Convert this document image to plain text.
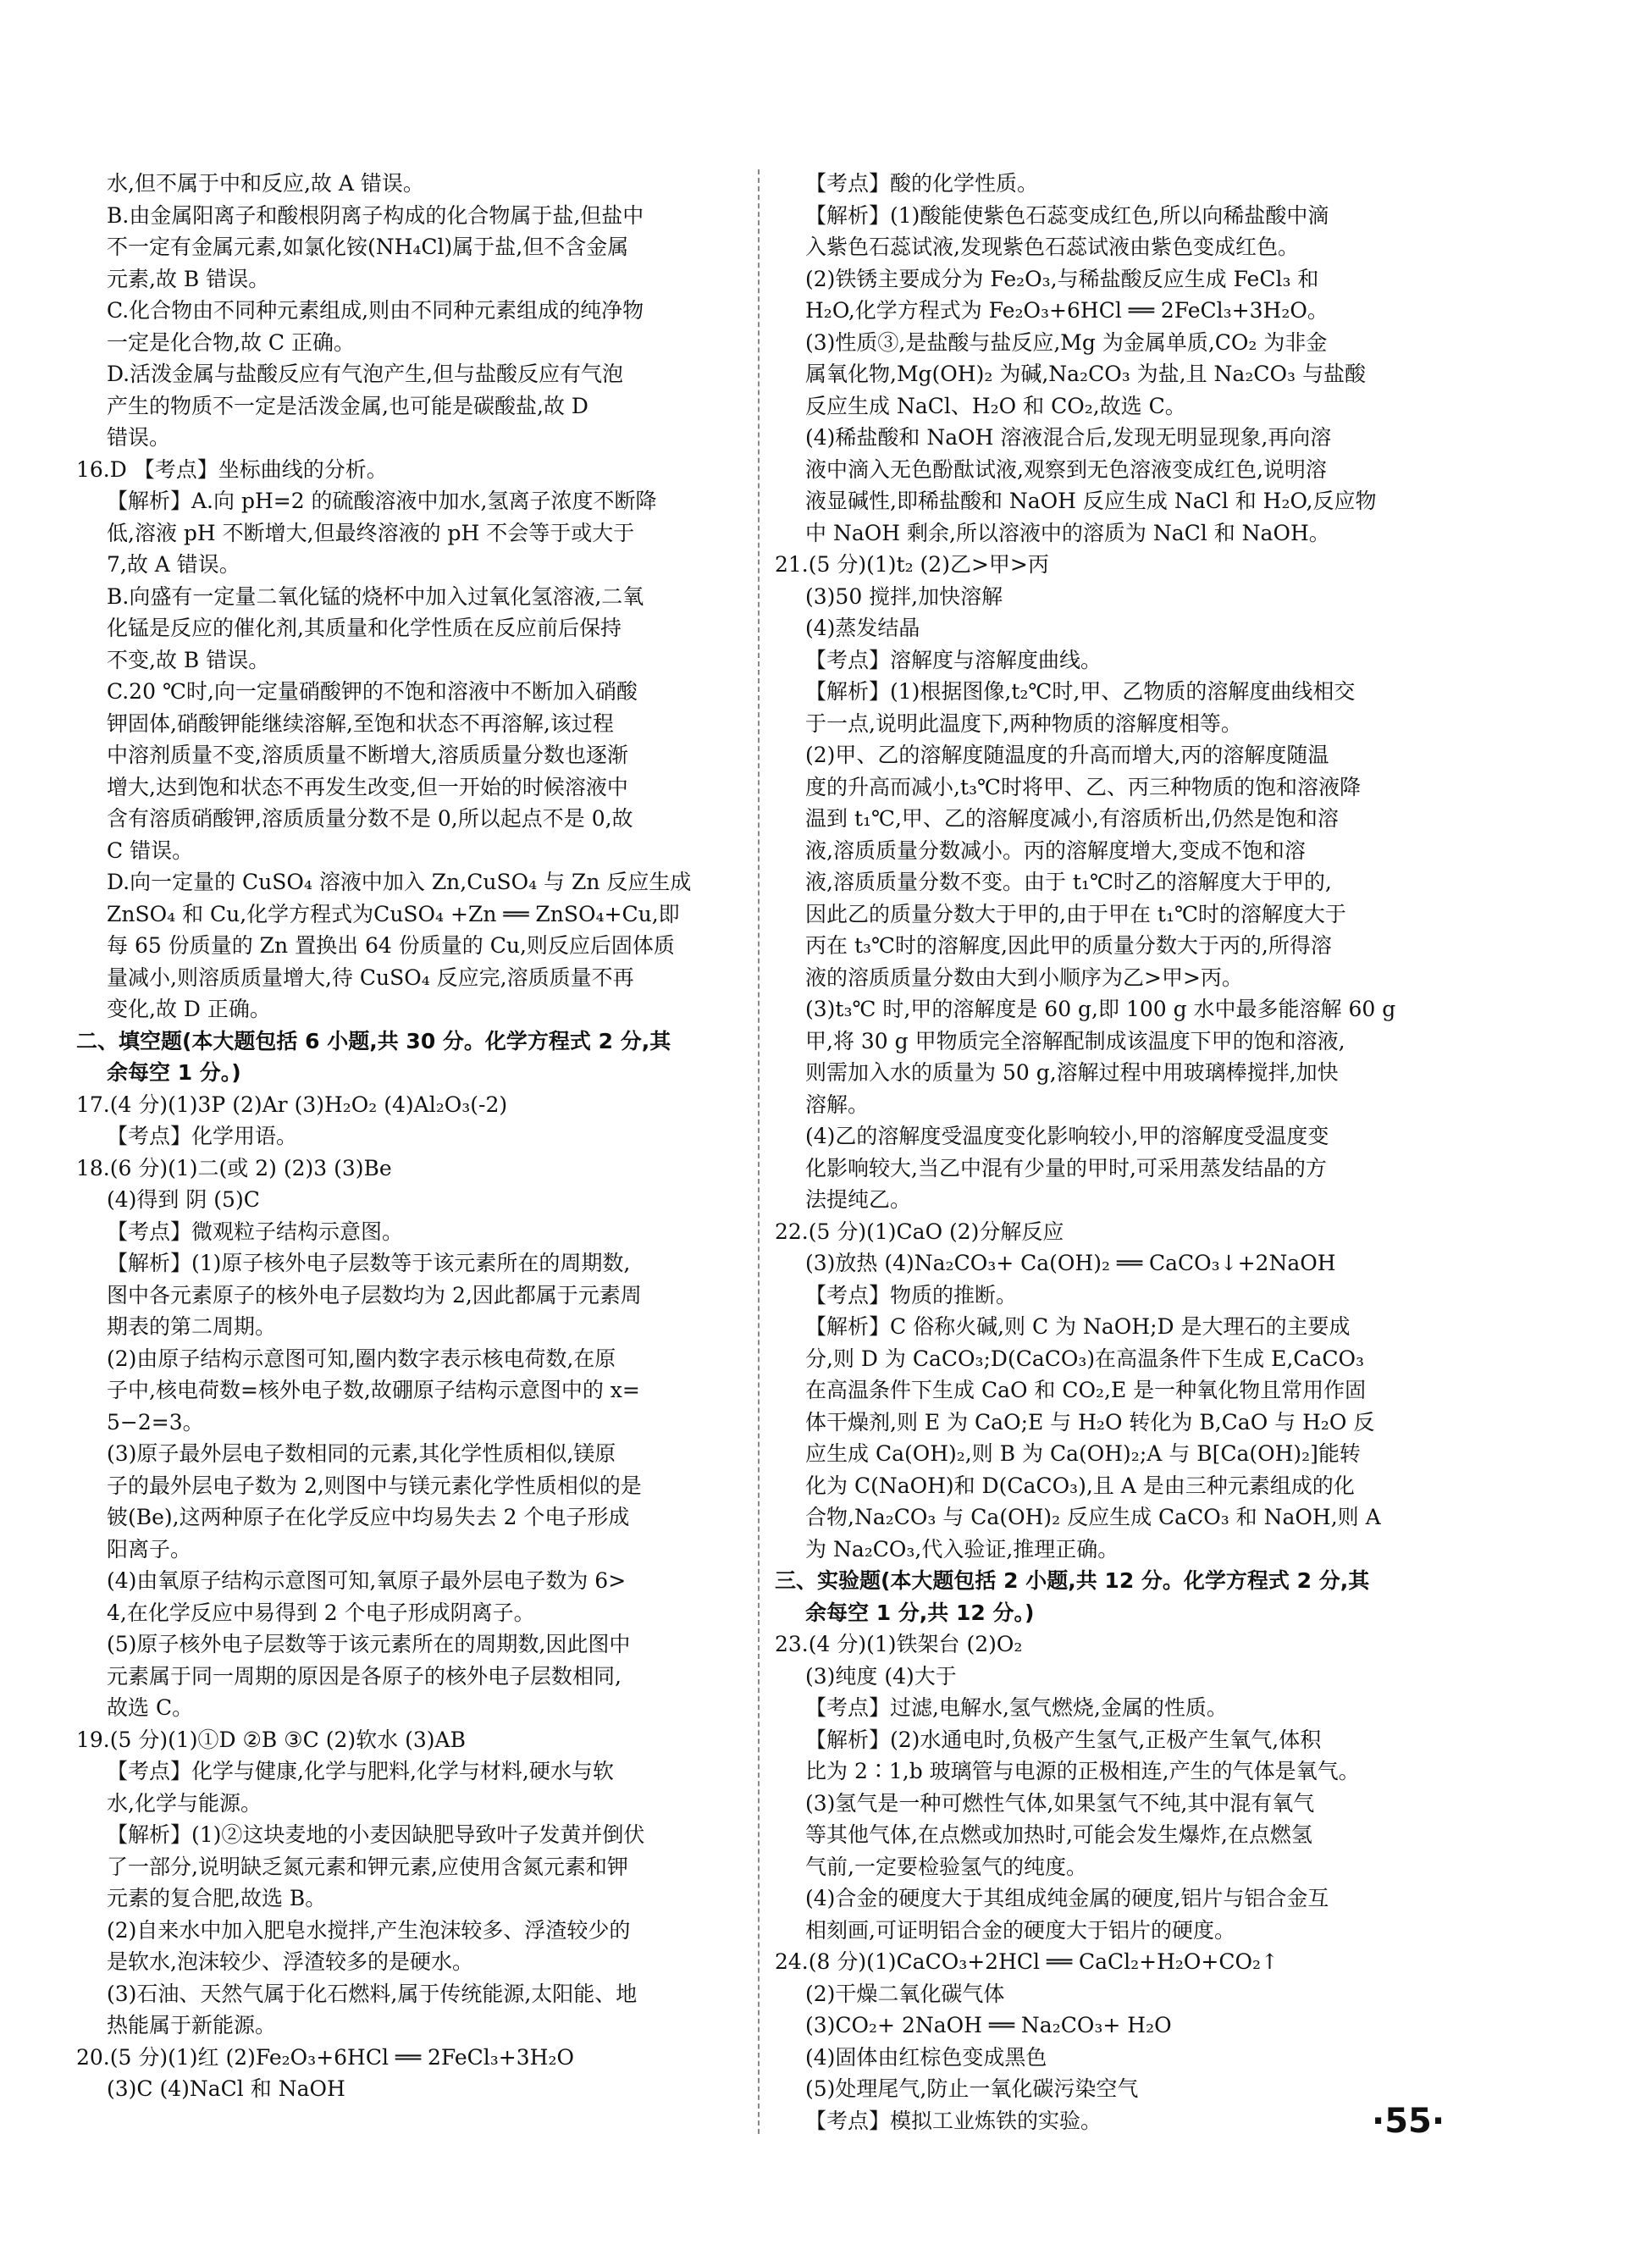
水,但不属于中和反应,故 A 错误。
B.由金属阳离子和酸根阴离子构成的化合物属于盐,但盐中
不一定有金属元素,如氯化铵(NH₄Cl)属于盐,但不含金属
元素,故 B 错误。
C.化合物由不同种元素组成,则由不同种元素组成的纯净物
一定是化合物,故 C 正确。
D.活泼金属与盐酸反应有气泡产生,但与盐酸反应有气泡
产生的物质不一定是活泼金属,也可能是碳酸盐,故 D
错误。
16.D 【考点】坐标曲线的分析。
【解析】A.向 pH=2 的硫酸溶液中加水,氢离子浓度不断降
低,溶液 pH 不断增大,但最终溶液的 pH 不会等于或大于
7,故 A 错误。
B.向盛有一定量二氧化锰的烧杯中加入过氧化氢溶液,二氧
化锰是反应的催化剂,其质量和化学性质在反应前后保持
不变,故 B 错误。
C.20 ℃时,向一定量硝酸钾的不饱和溶液中不断加入硝酸
钾固体,硝酸钾能继续溶解,至饱和状态不再溶解,该过程
中溶剂质量不变,溶质质量不断增大,溶质质量分数也逐渐
增大,达到饱和状态不再发生改变,但一开始的时候溶液中
含有溶质硝酸钾,溶质质量分数不是 0,所以起点不是 0,故
C 错误。
D.向一定量的 CuSO₄ 溶液中加入 Zn,CuSO₄ 与 Zn 反应生成
ZnSO₄ 和 Cu,化学方程式为CuSO₄ +Zn ══ ZnSO₄+Cu,即
每 65 份质量的 Zn 置换出 64 份质量的 Cu,则反应后固体质
量减小,则溶质质量增大,待 CuSO₄ 反应完,溶质质量不再
变化,故 D 正确。
二、填空题(本大题包括 6 小题,共 30 分。化学方程式 2 分,其
余每空 1 分。)
17.(4 分)(1)3P (2)Ar (3)H₂O₂ (4)Al₂O₃(-2)
【考点】化学用语。
18.(6 分)(1)二(或 2) (2)3 (3)Be
(4)得到 阴 (5)C
【考点】微观粒子结构示意图。
【解析】(1)原子核外电子层数等于该元素所在的周期数,
图中各元素原子的核外电子层数均为 2,因此都属于元素周
期表的第二周期。
(2)由原子结构示意图可知,圈内数字表示核电荷数,在原
子中,核电荷数=核外电子数,故硼原子结构示意图中的 x=
5−2=3。
(3)原子最外层电子数相同的元素,其化学性质相似,镁原
子的最外层电子数为 2,则图中与镁元素化学性质相似的是
铍(Be),这两种原子在化学反应中均易失去 2 个电子形成
阳离子。
(4)由氧原子结构示意图可知,氧原子最外层电子数为 6>
4,在化学反应中易得到 2 个电子形成阴离子。
(5)原子核外电子层数等于该元素所在的周期数,因此图中
元素属于同一周期的原因是各原子的核外电子层数相同,
故选 C。
19.(5 分)(1)①D ②B ③C (2)软水 (3)AB
【考点】化学与健康,化学与肥料,化学与材料,硬水与软
水,化学与能源。
【解析】(1)②这块麦地的小麦因缺肥导致叶子发黄并倒伏
了一部分,说明缺乏氮元素和钾元素,应使用含氮元素和钾
元素的复合肥,故选 B。
(2)自来水中加入肥皂水搅拌,产生泡沫较多、浮渣较少的
是软水,泡沫较少、浮渣较多的是硬水。
(3)石油、天然气属于化石燃料,属于传统能源,太阳能、地
热能属于新能源。
20.(5 分)(1)红 (2)Fe₂O₃+6HCl ══ 2FeCl₃+3H₂O
(3)C (4)NaCl 和 NaOH
【考点】酸的化学性质。
【解析】(1)酸能使紫色石蕊变成红色,所以向稀盐酸中滴
入紫色石蕊试液,发现紫色石蕊试液由紫色变成红色。
(2)铁锈主要成分为 Fe₂O₃,与稀盐酸反应生成 FeCl₃ 和
H₂O,化学方程式为 Fe₂O₃+6HCl ══ 2FeCl₃+3H₂O。
(3)性质③,是盐酸与盐反应,Mg 为金属单质,CO₂ 为非金
属氧化物,Mg(OH)₂ 为碱,Na₂CO₃ 为盐,且 Na₂CO₃ 与盐酸
反应生成 NaCl、H₂O 和 CO₂,故选 C。
(4)稀盐酸和 NaOH 溶液混合后,发现无明显现象,再向溶
液中滴入无色酚酞试液,观察到无色溶液变成红色,说明溶
液显碱性,即稀盐酸和 NaOH 反应生成 NaCl 和 H₂O,反应物
中 NaOH 剩余,所以溶液中的溶质为 NaCl 和 NaOH。
21.(5 分)(1)t₂ (2)乙>甲>丙
(3)50 搅拌,加快溶解
(4)蒸发结晶
【考点】溶解度与溶解度曲线。
【解析】(1)根据图像,t₂℃时,甲、乙物质的溶解度曲线相交
于一点,说明此温度下,两种物质的溶解度相等。
(2)甲、乙的溶解度随温度的升高而增大,丙的溶解度随温
度的升高而减小,t₃℃时将甲、乙、丙三种物质的饱和溶液降
温到 t₁℃,甲、乙的溶解度减小,有溶质析出,仍然是饱和溶
液,溶质质量分数减小。丙的溶解度增大,变成不饱和溶
液,溶质质量分数不变。由于 t₁℃时乙的溶解度大于甲的,
因此乙的质量分数大于甲的,由于甲在 t₁℃时的溶解度大于
丙在 t₃℃时的溶解度,因此甲的质量分数大于丙的,所得溶
液的溶质质量分数由大到小顺序为乙>甲>丙。
(3)t₃℃ 时,甲的溶解度是 60 g,即 100 g 水中最多能溶解 60 g
甲,将 30 g 甲物质完全溶解配制成该温度下甲的饱和溶液,
则需加入水的质量为 50 g,溶解过程中用玻璃棒搅拌,加快
溶解。
(4)乙的溶解度受温度变化影响较小,甲的溶解度受温度变
化影响较大,当乙中混有少量的甲时,可采用蒸发结晶的方
法提纯乙。
22.(5 分)(1)CaO (2)分解反应
(3)放热 (4)Na₂CO₃+ Ca(OH)₂ ══ CaCO₃↓+2NaOH
【考点】物质的推断。
【解析】C 俗称火碱,则 C 为 NaOH;D 是大理石的主要成
分,则 D 为 CaCO₃;D(CaCO₃)在高温条件下生成 E,CaCO₃
在高温条件下生成 CaO 和 CO₂,E 是一种氧化物且常用作固
体干燥剂,则 E 为 CaO;E 与 H₂O 转化为 B,CaO 与 H₂O 反
应生成 Ca(OH)₂,则 B 为 Ca(OH)₂;A 与 B[Ca(OH)₂]能转
化为 C(NaOH)和 D(CaCO₃),且 A 是由三种元素组成的化
合物,Na₂CO₃ 与 Ca(OH)₂ 反应生成 CaCO₃ 和 NaOH,则 A
为 Na₂CO₃,代入验证,推理正确。
三、实验题(本大题包括 2 小题,共 12 分。化学方程式 2 分,其
余每空 1 分,共 12 分。)
23.(4 分)(1)铁架台 (2)O₂
(3)纯度 (4)大于
【考点】过滤,电解水,氢气燃烧,金属的性质。
【解析】(2)水通电时,负极产生氢气,正极产生氧气,体积
比为 2∶1,b 玻璃管与电源的正极相连,产生的气体是氧气。
(3)氢气是一种可燃性气体,如果氢气不纯,其中混有氧气
等其他气体,在点燃或加热时,可能会发生爆炸,在点燃氢
气前,一定要检验氢气的纯度。
(4)合金的硬度大于其组成纯金属的硬度,铝片与铝合金互
相刻画,可证明铝合金的硬度大于铝片的硬度。
24.(8 分)(1)CaCO₃+2HCl ══ CaCl₂+H₂O+CO₂↑
(2)干燥二氧化碳气体
(3)CO₂+ 2NaOH ══ Na₂CO₃+ H₂O
(4)固体由红棕色变成黑色
(5)处理尾气,防止一氧化碳污染空气
【考点】模拟工业炼铁的实验。	·55·
